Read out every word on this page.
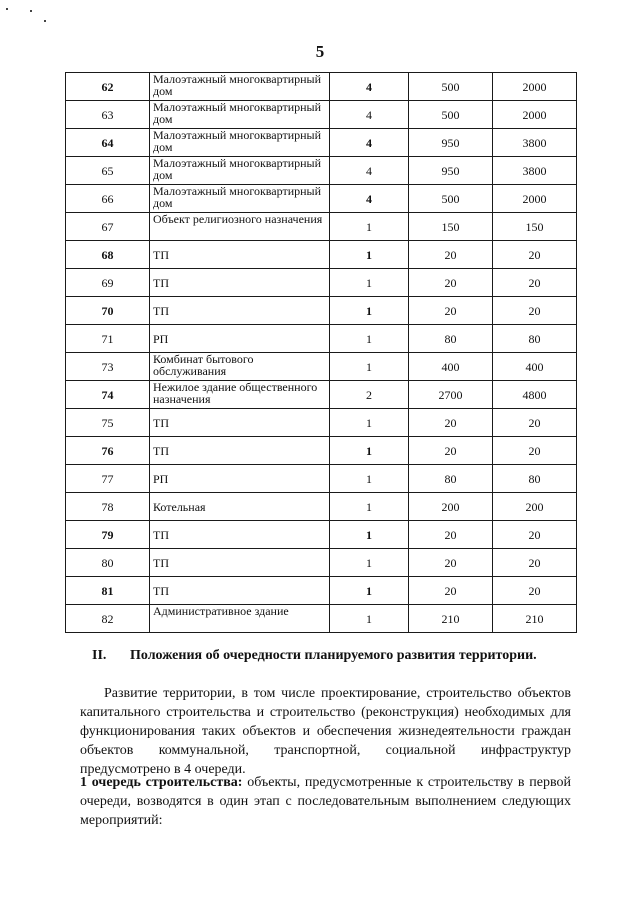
5
62	Малоэтажный многоквартирный дом	4	500	2000
63	Малоэтажный многоквартирный дом	4	500	2000
64	Малоэтажный многоквартирный дом	4	950	3800
65	Малоэтажный многоквартирный дом	4	950	3800
66	Малоэтажный многоквартирный дом	4	500	2000
67	Объект религиозного назначения	1	150	150
68	ТП	1	20	20
69	ТП	1	20	20
70	ТП	1	20	20
71	РП	1	80	80
73	Комбинат бытового обслуживания	1	400	400
74	Нежилое здание общественного назначения	2	2700	4800
75	ТП	1	20	20
76	ТП	1	20	20
77	РП	1	80	80
78	Котельная	1	200	200
79	ТП	1	20	20
80	ТП	1	20	20
81	ТП	1	20	20
82	Административное здание	1	210	210
II. Положения об очередности планируемого развития территории.
Развитие территории, в том числе проектирование, строительство объектов капитального строительства и строительство (реконструкция) необходимых для функционирования таких объектов и обеспечения жизнедеятельности граждан объектов коммунальной, транспортной, социальной инфраструктур предусмотрено в 4 очереди.
1 очередь строительства: объекты, предусмотренные к строительству в первой очереди, возводятся в один этап с последовательным выполнением следующих мероприятий:
